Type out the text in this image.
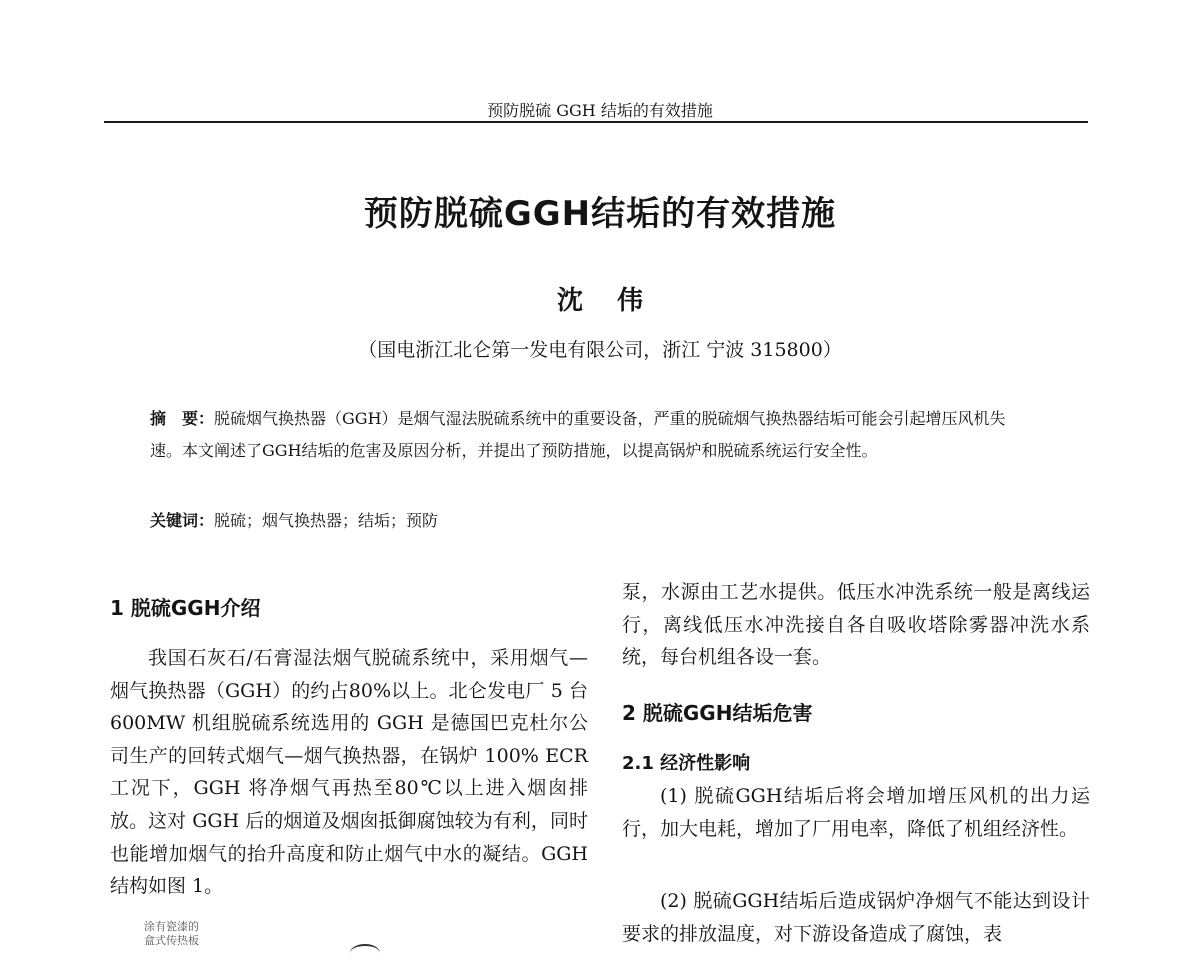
预防脱硫 GGH 结垢的有效措施
预防脱硫GGH结垢的有效措施
沈伟
（国电浙江北仑第一发电有限公司，浙江 宁波 315800）
摘　要：脱硫烟气换热器（GGH）是烟气湿法脱硫系统中的重要设备，严重的脱硫烟气换热器结垢可能会引起增压风机失速。本文阐述了GGH结垢的危害及原因分析，并提出了预防措施，以提高锅炉和脱硫系统运行安全性。
关键词：脱硫；烟气换热器；结垢；预防
1 脱硫GGH介绍
我国石灰石/石膏湿法烟气脱硫系统中，采用烟气—烟气换热器（GGH）的约占80%以上。北仑发电厂 5 台 600MW 机组脱硫系统选用的 GGH 是德国巴克杜尔公司生产的回转式烟气—烟气换热器，在锅炉 100% ECR 工况下，GGH 将净烟气再热至80℃以上进入烟囱排放。这对 GGH 后的烟道及烟囱抵御腐蚀较为有利，同时也能增加烟气的抬升高度和防止烟气中水的凝结。GGH 结构如图 1。
涂有瓷漆的
盒式传热板
泵，水源由工艺水提供。低压水冲洗系统一般是离线运行，离线低压水冲洗接自各自吸收塔除雾器冲洗水系统，每台机组各设一套。
2 脱硫GGH结垢危害
2.1 经济性影响
(1) 脱硫GGH结垢后将会增加增压风机的出力运行，加大电耗，增加了厂用电率，降低了机组经济性。
(2) 脱硫GGH结垢后造成锅炉净烟气不能达到设计要求的排放温度，对下游设备造成了腐蚀，表
